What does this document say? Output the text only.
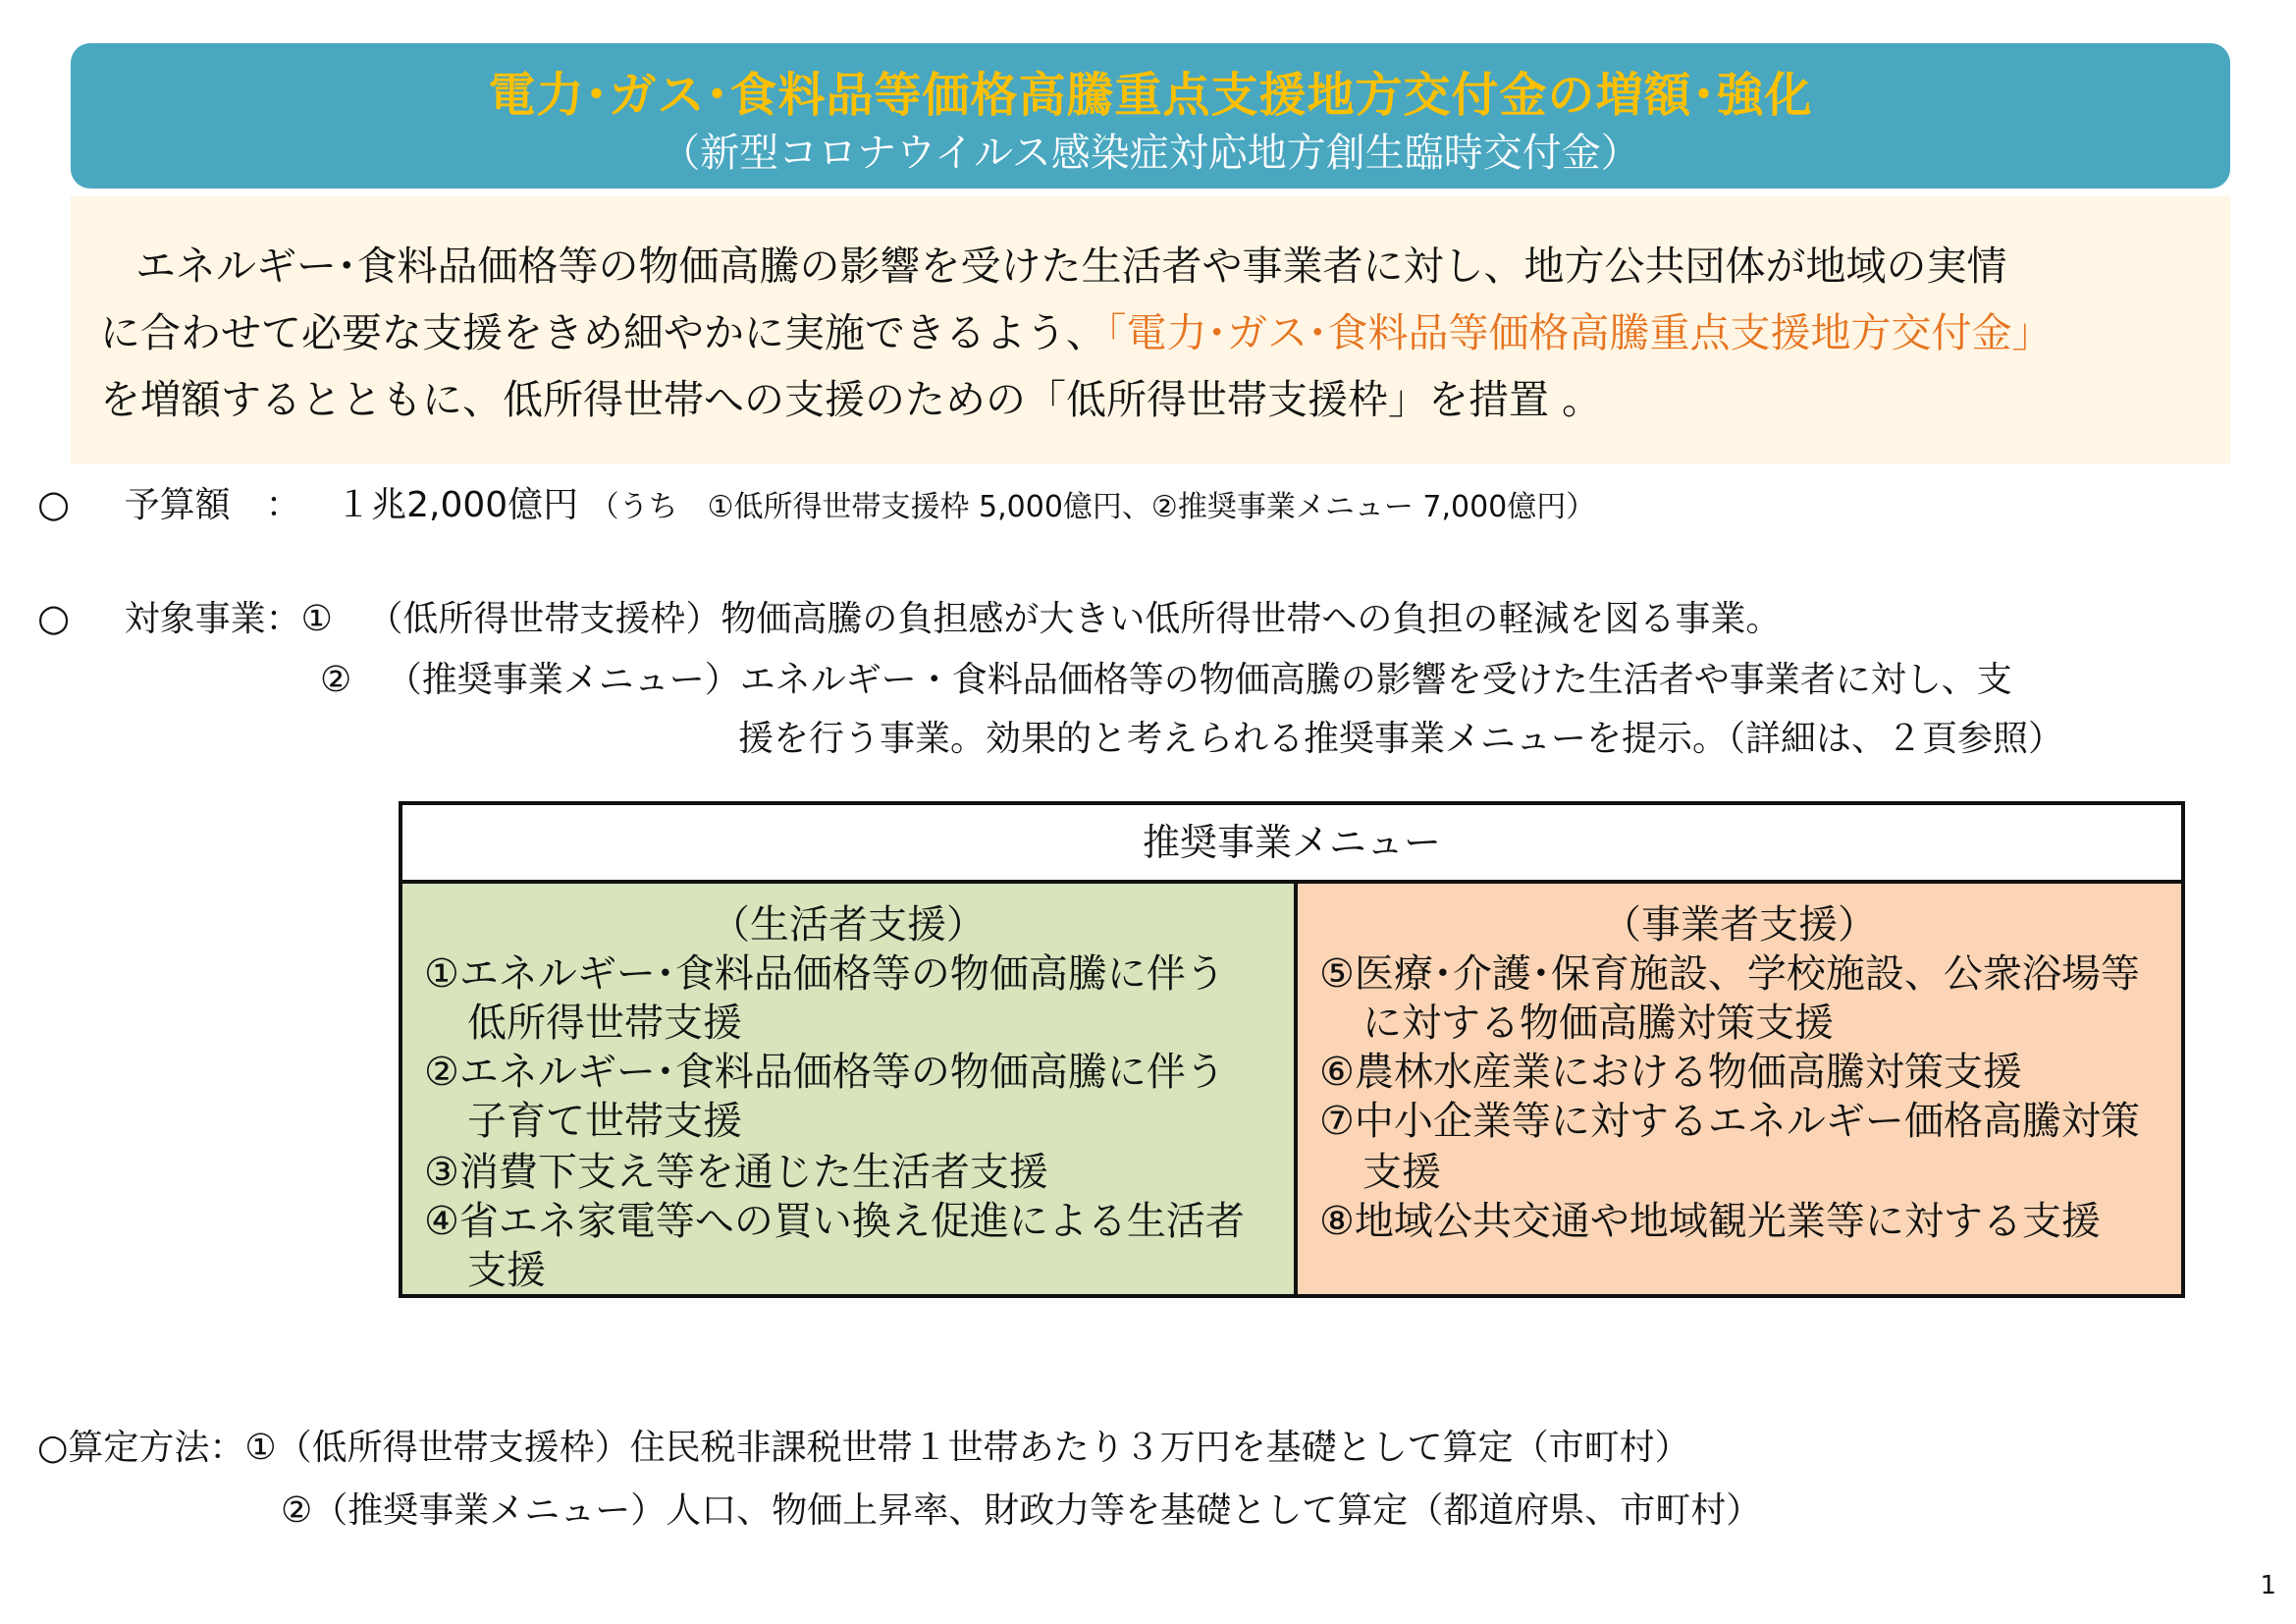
電力･ガス･食料品等価格高騰重点支援地方交付金の増額･強化
（新型コロナウイルス感染症対応地方創生臨時交付金）
エネルギー･食料品価格等の物価高騰の影響を受けた生活者や事業者に対し、地方公共団体が地域の実情
に合わせて必要な支援をきめ細やかに実施できるよう、「電力･ガス･食料品等価格高騰重点支援地方交付金」
を増額するとともに、低所得世帯への支援のための「低所得世帯支援枠」を措置 。
○ 予算額　： １兆2,000億円 （うち　①低所得世帯支援枠 5,000億円、②推奨事業メニュー 7,000億円）
○ 対象事業：① （低所得世帯支援枠）物価高騰の負担感が大きい低所得世帯への負担の軽減を図る事業。
② （推奨事業メニュー）エネルギー・食料品価格等の物価高騰の影響を受けた生活者や事業者に対し、支
援を行う事業。効果的と考えられる推奨事業メニューを提示。（詳細は、２頁参照）
推奨事業メニュー
（生活者支援）
①エネルギー･食料品価格等の物価高騰に伴う
低所得世帯支援
②エネルギー･食料品価格等の物価高騰に伴う
子育て世帯支援
③消費下支え等を通じた生活者支援
④省エネ家電等への買い換え促進による生活者
支援
（事業者支援）
⑤医療･介護･保育施設、学校施設、公衆浴場等
に対する物価高騰対策支援
⑥農林水産業における物価高騰対策支援
⑦中小企業等に対するエネルギー価格高騰対策
支援
⑧地域公共交通や地域観光業等に対する支援
○算定方法：①（低所得世帯支援枠）住民税非課税世帯１世帯あたり３万円を基礎として算定（市町村）
②（推奨事業メニュー）人口、物価上昇率、財政力等を基礎として算定（都道府県、市町村）
1
